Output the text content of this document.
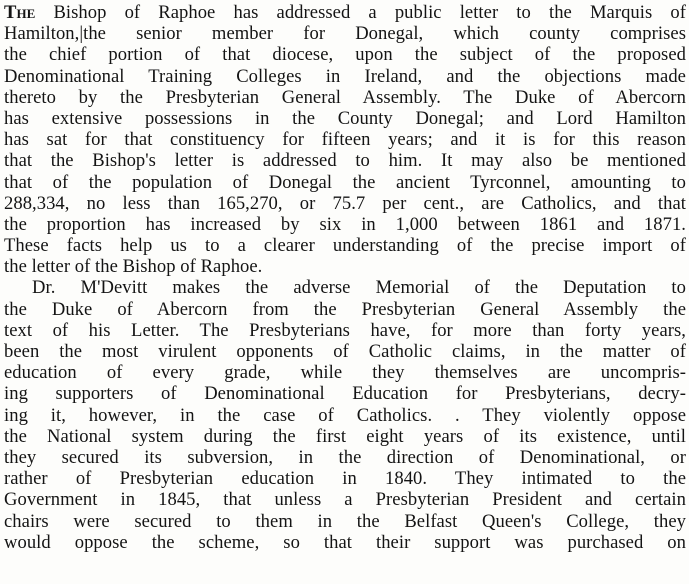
The Bishop of Raphoe has addressed a public letter to the Marquis of
Hamilton,|the senior member for Donegal, which county comprises
the chief portion of that diocese, upon the subject of the proposed
Denominational Training Colleges in Ireland, and the objections made
thereto by the Presbyterian General Assembly. The Duke of Abercorn
has extensive possessions in the County Donegal; and Lord Hamilton
has sat for that constituency for fifteen years; and it is for this reason
that the Bishop's letter is addressed to him. It may also be mentioned
that of the population of Donegal the ancient Tyrconnel, amounting to
288,334, no less than 165,270, or 75.7 per cent., are Catholics, and that
the proportion has increased by six in 1,000 between 1861 and 1871.
These facts help us to a clearer understanding of the precise import of
the letter of the Bishop of Raphoe.
Dr. M'Devitt makes the adverse Memorial of the Deputation to
the Duke of Abercorn from the Presbyterian General Assembly the
text of his Letter. The Presbyterians have, for more than forty years,
been the most virulent opponents of Catholic claims, in the matter of
education of every grade, while they themselves are uncompris-
ing supporters of Denominational Education for Presbyterians, decry-
ing it, however, in the case of Catholics. . They violently oppose
the National system during the first eight years of its existence, until
they secured its subversion, in the direction of Denominational, or
rather of Presbyterian education in 1840. They intimated to the
Government in 1845, that unless a Presbyterian President and certain
chairs were secured to them in the Belfast Queen's College, they
would oppose the scheme, so that their support was purchased on
